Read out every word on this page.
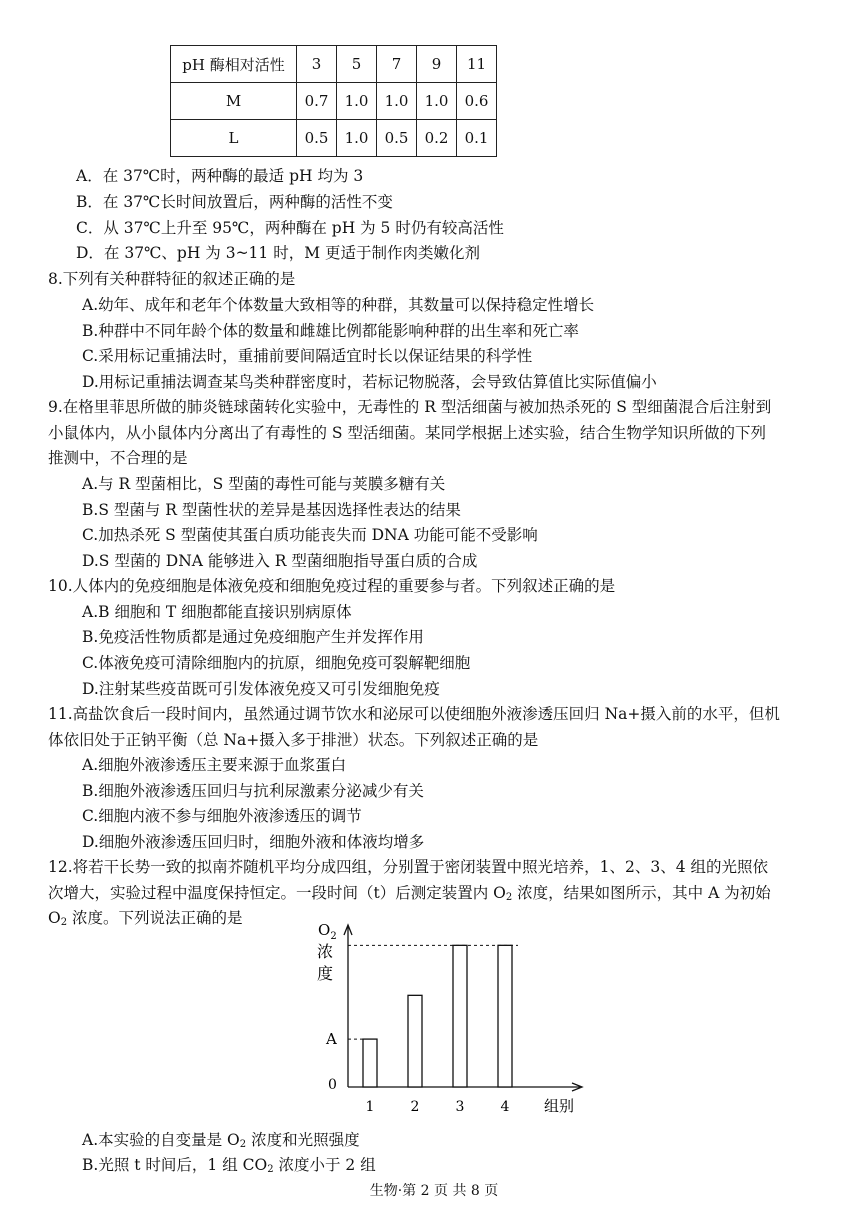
pH 酶相对活性	3	5	7	9	11
M	0.7	1.0	1.0	1.0	0.6
L	0.5	1.0	0.5	0.2	0.1
A．在 37℃时，两种酶的最适 pH 均为 3
B．在 37℃长时间放置后，两种酶的活性不变
C．从 37℃上升至 95℃，两种酶在 pH 为 5 时仍有较高活性
D．在 37℃、pH 为 3~11 时，M 更适于制作肉类嫩化剂
8.下列有关种群特征的叙述正确的是
A.幼年、成年和老年个体数量大致相等的种群，其数量可以保持稳定性增长
B.种群中不同年龄个体的数量和雌雄比例都能影响种群的出生率和死亡率
C.采用标记重捕法时，重捕前要间隔适宜时长以保证结果的科学性
D.用标记重捕法调查某鸟类种群密度时，若标记物脱落，会导致估算值比实际值偏小
9.在格里菲思所做的肺炎链球菌转化实验中，无毒性的 R 型活细菌与被加热杀死的 S 型细菌混合后注射到
小鼠体内，从小鼠体内分离出了有毒性的 S 型活细菌。某同学根据上述实验，结合生物学知识所做的下列
推测中，不合理的是
A.与 R 型菌相比，S 型菌的毒性可能与荚膜多糖有关
B.S 型菌与 R 型菌性状的差异是基因选择性表达的结果
C.加热杀死 S 型菌使其蛋白质功能丧失而 DNA 功能可能不受影响
D.S 型菌的 DNA 能够进入 R 型菌细胞指导蛋白质的合成
10.人体内的免疫细胞是体液免疫和细胞免疫过程的重要参与者。下列叙述正确的是
A.B 细胞和 T 细胞都能直接识别病原体
B.免疫活性物质都是通过免疫细胞产生并发挥作用
C.体液免疫可清除细胞内的抗原，细胞免疫可裂解靶细胞
D.注射某些疫苗既可引发体液免疫又可引发细胞免疫
11.高盐饮食后一段时间内，虽然通过调节饮水和泌尿可以使细胞外液渗透压回归 Na+摄入前的水平，但机
体依旧处于正钠平衡（总 Na+摄入多于排泄）状态。下列叙述正确的是
A.细胞外液渗透压主要来源于血浆蛋白
B.细胞外液渗透压回归与抗利尿激素分泌减少有关
C.细胞内液不参与细胞外液渗透压的调节
D.细胞外液渗透压回归时，细胞外液和体液均增多
12.将若干长势一致的拟南芥随机平均分成四组，分别置于密闭装置中照光培养，1、2、3、4 组的光照依
次增大，实验过程中温度保持恒定。一段时间（t）后测定装置内 $O_2$ 浓度，结果如图所示，其中 A 为初始
$O_2$ 浓度。下列说法正确的是
$O_2$
浓
度
0
A
1	2	3	4 组别
A.本实验的自变量是 $O_2$ 浓度和光照强度
B.光照 t 时间后，1 组 $CO_2$ 浓度小于 2 组
生物·第 2 页 共 8 页
